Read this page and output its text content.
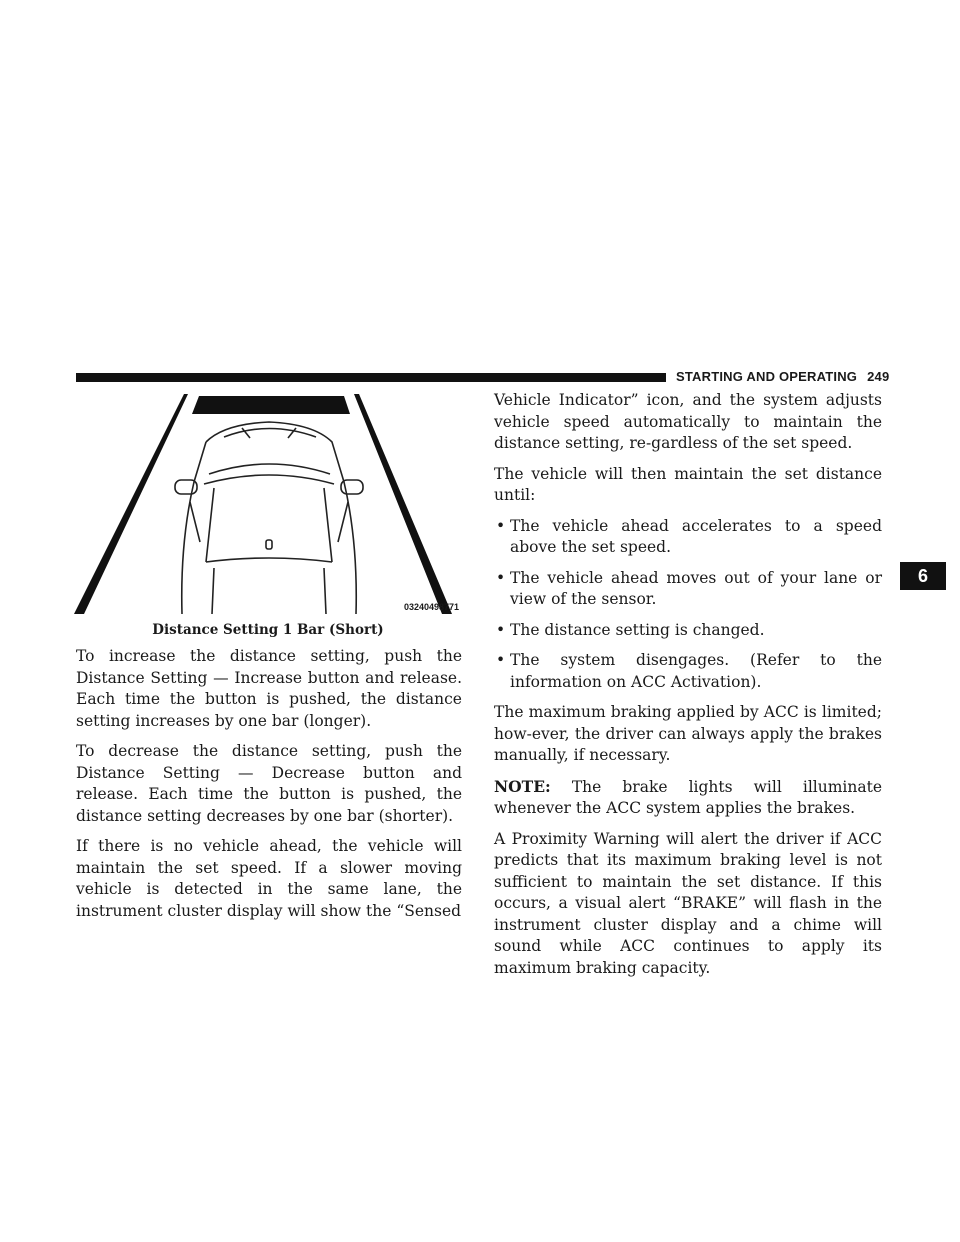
STARTING AND OPERATING 249
6
03240498771
Distance Setting 1 Bar (Short)

To increase the distance setting, push the Distance Setting — Increase button and release. Each time the button is pushed, the distance setting increases by one bar (longer).

To decrease the distance setting, push the Distance Setting — Decrease button and release. Each time the button is pushed, the distance setting decreases by one bar (shorter).

If there is no vehicle ahead, the vehicle will maintain the set speed. If a slower moving vehicle is detected in the same lane, the instrument cluster display will show the “Sensed

Vehicle Indicator” icon, and the system adjusts vehicle speed automatically to maintain the distance setting, re-gardless of the set speed.

The vehicle will then maintain the set distance until:

• The vehicle ahead accelerates to a speed above the set speed.
• The vehicle ahead moves out of your lane or view of the sensor.
• The distance setting is changed.
• The system disengages. (Refer to the information on ACC Activation).

The maximum braking applied by ACC is limited; how-ever, the driver can always apply the brakes manually, if necessary.

NOTE: The brake lights will illuminate whenever the ACC system applies the brakes.

A Proximity Warning will alert the driver if ACC predicts that its maximum braking level is not sufficient to maintain the set distance. If this occurs, a visual alert “BRAKE” will flash in the instrument cluster display and a chime will sound while ACC continues to apply its maximum braking capacity.
